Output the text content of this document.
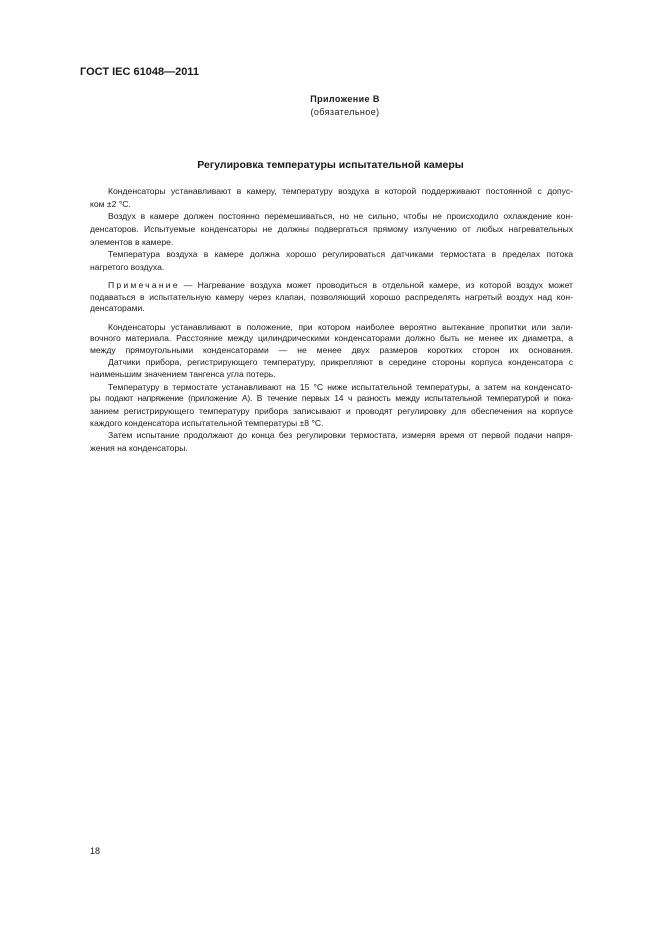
ГОСТ IEC 61048—2011
Приложение В
(обязательное)
Регулировка температуры испытательной камеры
Конденсаторы устанавливают в камеру, температуру воздуха в которой поддерживают постоянной с допус-
ком ±2 °С.
Воздух в камере должен постоянно перемешиваться, но не сильно, чтобы не происходило охлаждение кон-
денсаторов. Испытуемые конденсаторы не должны подвергаться прямому излучению от любых нагревательных
элементов в камере.
Температура воздуха в камере должна хорошо регулироваться датчиками термостата в пределах потока
нагретого воздуха.
Примечание — Нагревание воздуха может проводиться в отдельной камере, из которой воздух может
подаваться в испытательную камеру через клапан, позволяющий хорошо распределять нагретый воздух над кон-
денсаторами.
Конденсаторы устанавливают в положение, при котором наиболее вероятно вытекание пропитки или зали-
вочного материала. Расстояние между цилиндрическими конденсаторами должно быть не менее их диаметра, а
между прямоугольными конденсаторами — не менее двух размеров коротких сторон их основания.
Датчики прибора, регистрирующего температуру, прикрепляют в середине стороны корпуса конденсатора с
наименьшим значением тангенса угла потерь.
Температуру в термостате устанавливают на 15 °С ниже испытательной температуры, а затем на конденсато-
ры подают напряжение (приложение А). В течение первых 14 ч разность между испытательной температурой и пока-
занием регистрирующего температуру прибора записывают и проводят регулировку для обеспечения на корпусе
каждого конденсатора испытательной температуры ±8 °С.
Затем испытание продолжают до конца без регулировки термостата, измеряя время от первой подачи напря-
жения на конденсаторы.
18
